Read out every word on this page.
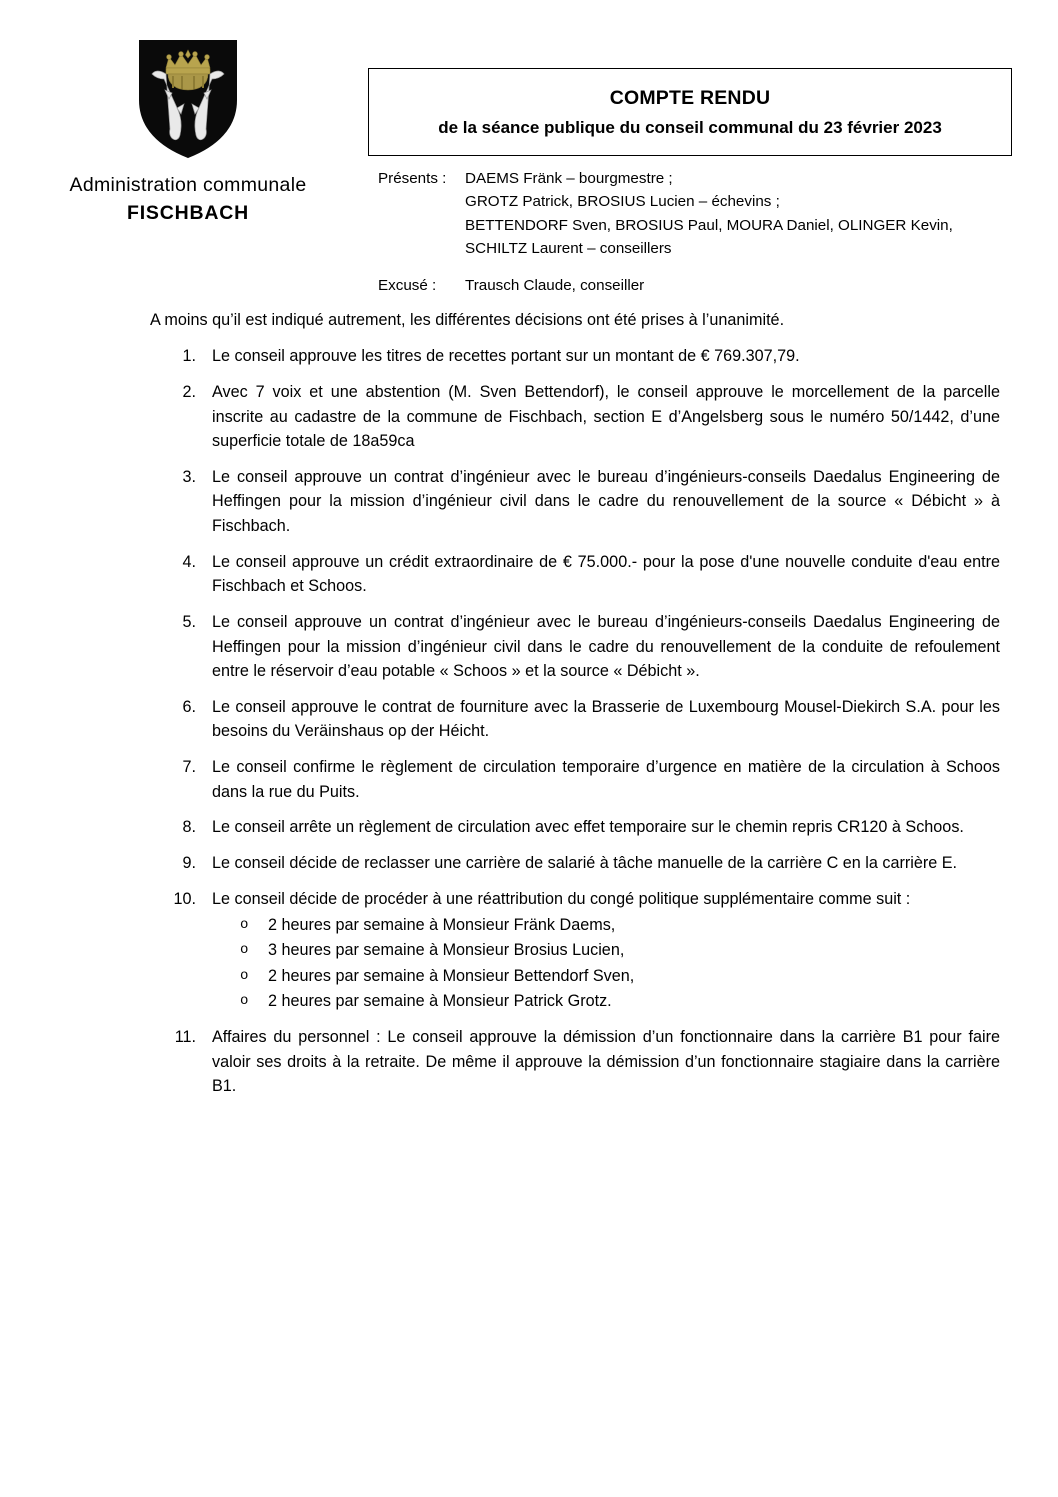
Administration communale
FISCHBACH
COMPTE RENDU
de la séance publique du conseil communal du 23 février 2023
Présents :	DAEMS Fränk – bourgmestre ;
GROTZ Patrick, BROSIUS Lucien – échevins ;
BETTENDORF Sven, BROSIUS Paul, MOURA Daniel, OLINGER Kevin,
SCHILTZ Laurent – conseillers
Excusé :	Trausch Claude, conseiller

A moins qu’il est indiqué autrement, les différentes décisions ont été prises à l’unanimité.

Le conseil approuve les titres de recettes portant sur un montant de € 769.307,79.
Avec 7 voix et une abstention (M. Sven Bettendorf), le conseil approuve le morcellement de la parcelle inscrite au cadastre de la commune de Fischbach, section E d’Angelsberg sous le numéro 50/1442, d’une superficie totale de 18a59ca
Le conseil approuve un contrat d’ingénieur avec le bureau d’ingénieurs-conseils Daedalus Engineering de Heffingen pour la mission d’ingénieur civil dans le cadre du renouvellement de la source « Débicht » à Fischbach.
Le conseil approuve un crédit extraordinaire de € 75.000.- pour la pose d'une nouvelle conduite d'eau entre Fischbach et Schoos.
Le conseil approuve un contrat d’ingénieur avec le bureau d’ingénieurs-conseils Daedalus Engineering de Heffingen pour la mission d’ingénieur civil dans le cadre du renouvellement de la conduite de refoulement entre le réservoir d’eau potable « Schoos » et la source « Débicht ».
Le conseil approuve le contrat de fourniture avec la Brasserie de Luxembourg Mousel-Diekirch S.A. pour les besoins du Veräinshaus op der Héicht.
Le conseil confirme le règlement de circulation temporaire d’urgence en matière de la circulation à Schoos dans la rue du Puits.
Le conseil arrête un règlement de circulation avec effet temporaire sur le chemin repris CR120 à Schoos.
Le conseil décide de reclasser une carrière de salarié à tâche manuelle de la carrière C en la carrière E.
Le conseil décide de procéder à une réattribution du congé politique supplémentaire comme suit :
o 2 heures par semaine à Monsieur Fränk Daems,
o 3 heures par semaine à Monsieur Brosius Lucien,
o 2 heures par semaine à Monsieur Bettendorf Sven,
o 2 heures par semaine à Monsieur Patrick Grotz.
Affaires du personnel : Le conseil approuve la démission d’un fonctionnaire dans la carrière B1 pour faire valoir ses droits à la retraite. De même il approuve la démission d’un fonctionnaire stagiaire dans la carrière B1.
